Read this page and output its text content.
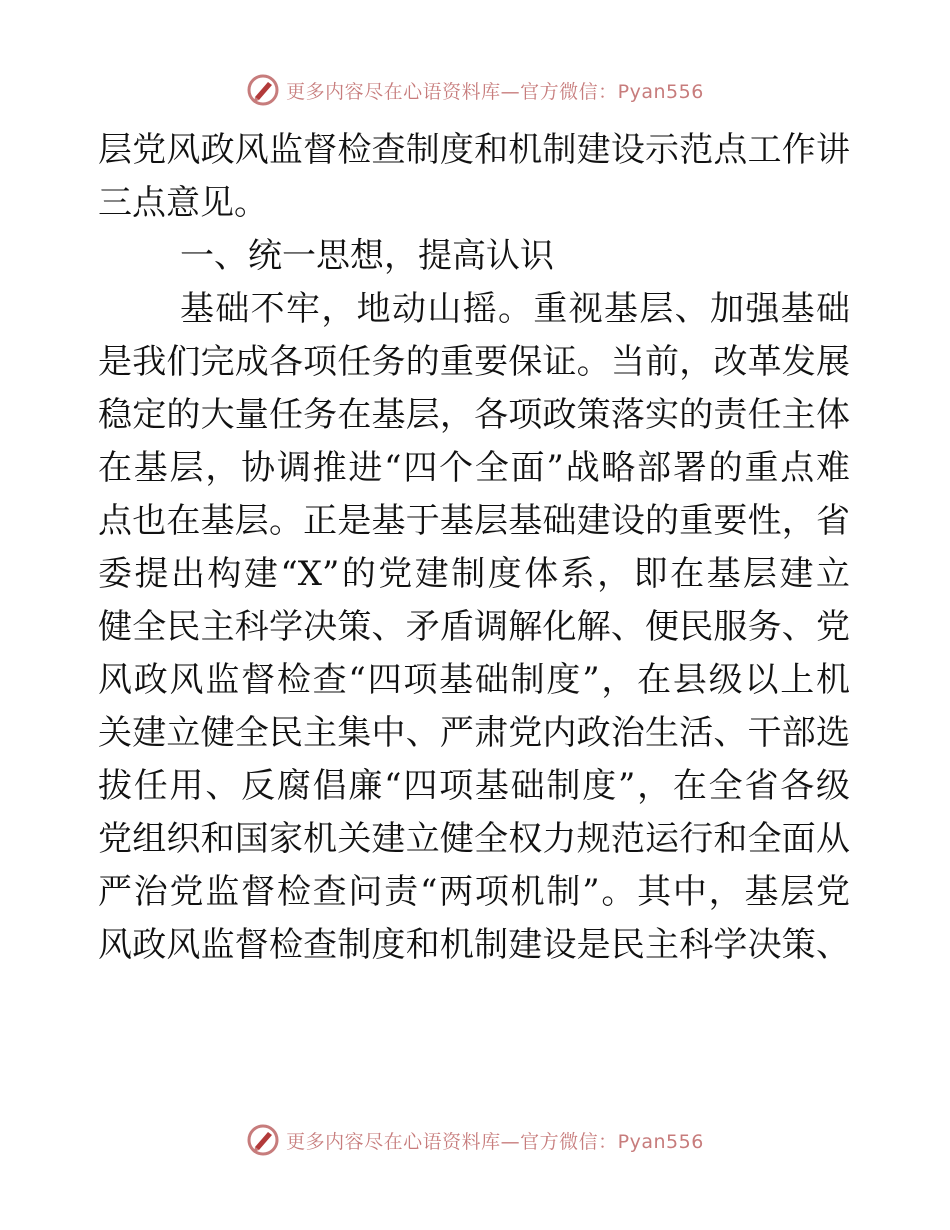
更多内容尽在心语资料库—官方微信：Pyan556
层党风政风监督检查制度和机制建设示范点工作讲
三点意见。
一、统一思想，提高认识
基础不牢，地动山摇。重视基层、加强基础
是我们完成各项任务的重要保证。当前，改革发展
稳定的大量任务在基层，各项政策落实的责任主体
在基层，协调推进“四个全面”战略部署的重点难
点也在基层。正是基于基层基础建设的重要性，省
委提出构建“X”的党建制度体系，即在基层建立
健全民主科学决策、矛盾调解化解、便民服务、党
风政风监督检查“四项基础制度”，在县级以上机
关建立健全民主集中、严肃党内政治生活、干部选
拔任用、反腐倡廉“四项基础制度”，在全省各级
党组织和国家机关建立健全权力规范运行和全面从
严治党监督检查问责“两项机制”。其中，基层党
风政风监督检查制度和机制建设是民主科学决策、
更多内容尽在心语资料库—官方微信：Pyan556
